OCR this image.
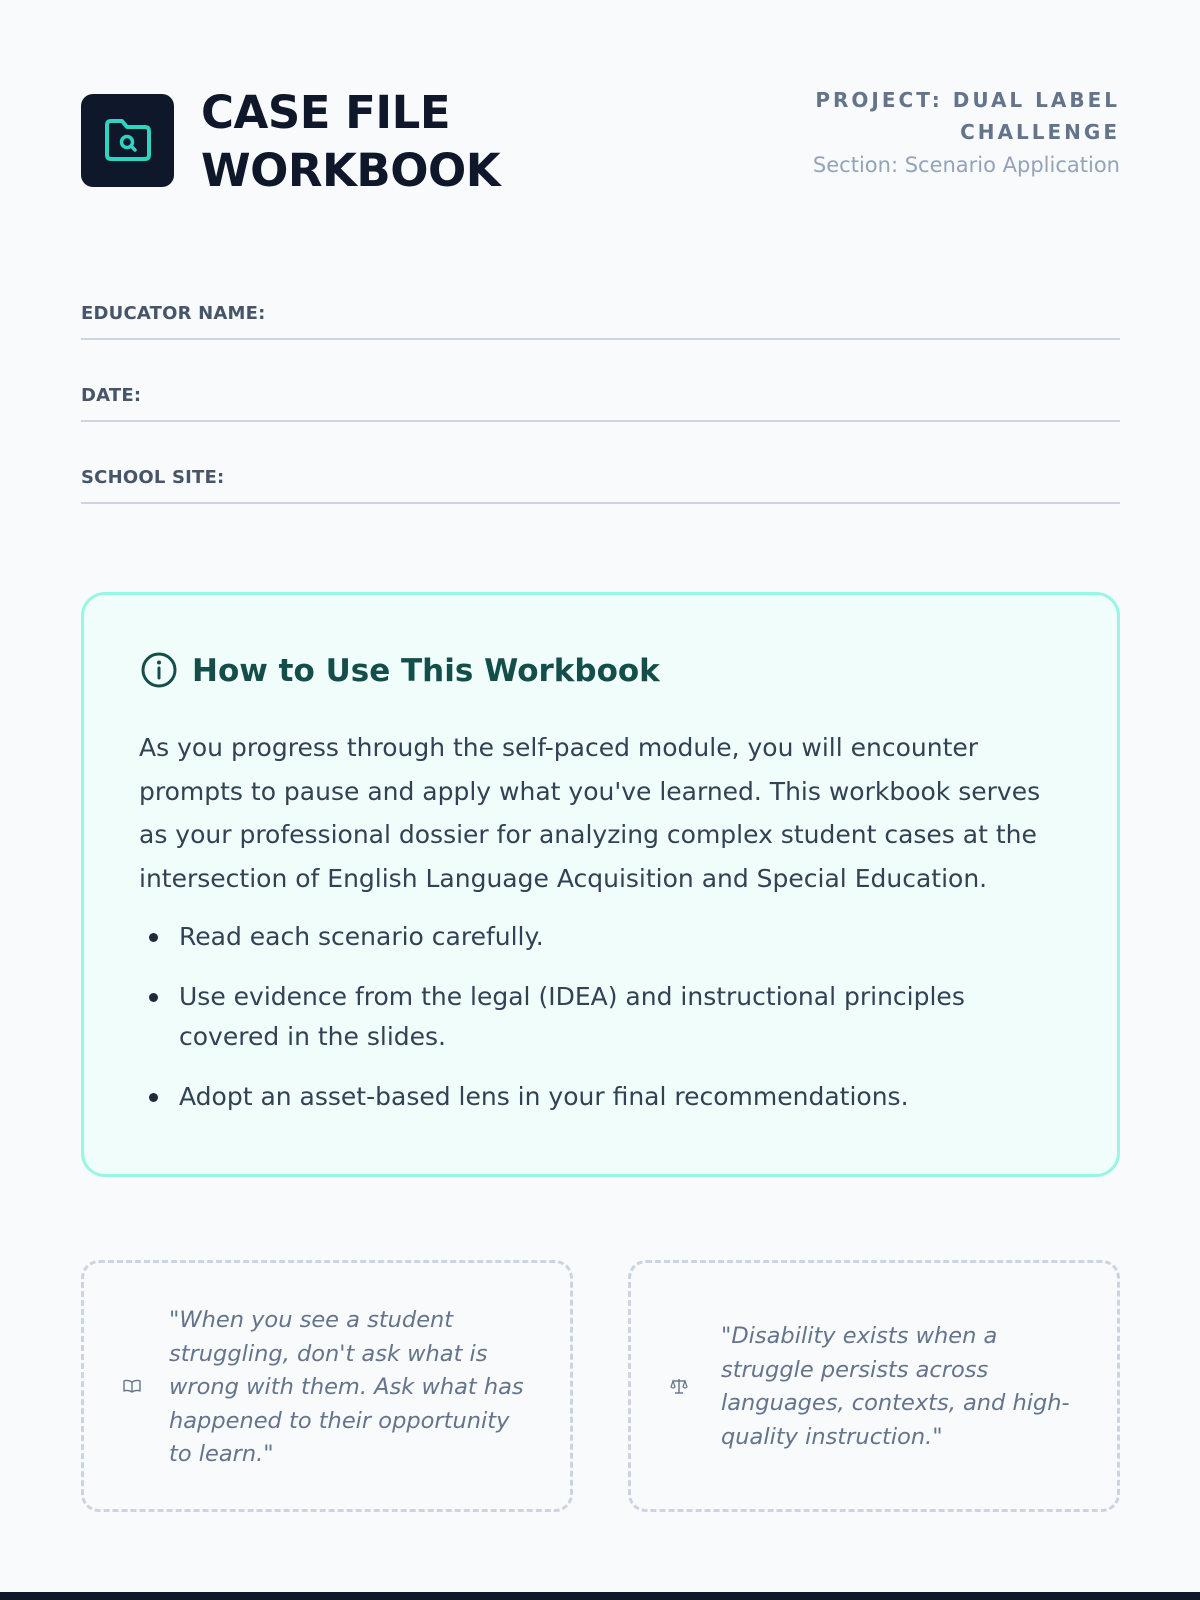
CASE FILE
WORKBOOK
PROJECT: DUAL LABEL CHALLENGE
Section: Scenario Application
EDUCATOR NAME:
DATE:
SCHOOL SITE:
How to Use This Workbook

As you progress through the self-paced module, you will encounter prompts to pause and apply what you've learned. This workbook serves as your professional dossier for analyzing complex student cases at the intersection of English Language Acquisition and Special Education.

Read each scenario carefully.
Use evidence from the legal (IDEA) and instructional principles covered in the slides.
Adopt an asset-based lens in your final recommendations.

"When you see a student struggling, don't ask what is wrong with them. Ask what has happened to their opportunity to learn."

"Disability exists when a struggle persists across languages, contexts, and high-quality instruction."
